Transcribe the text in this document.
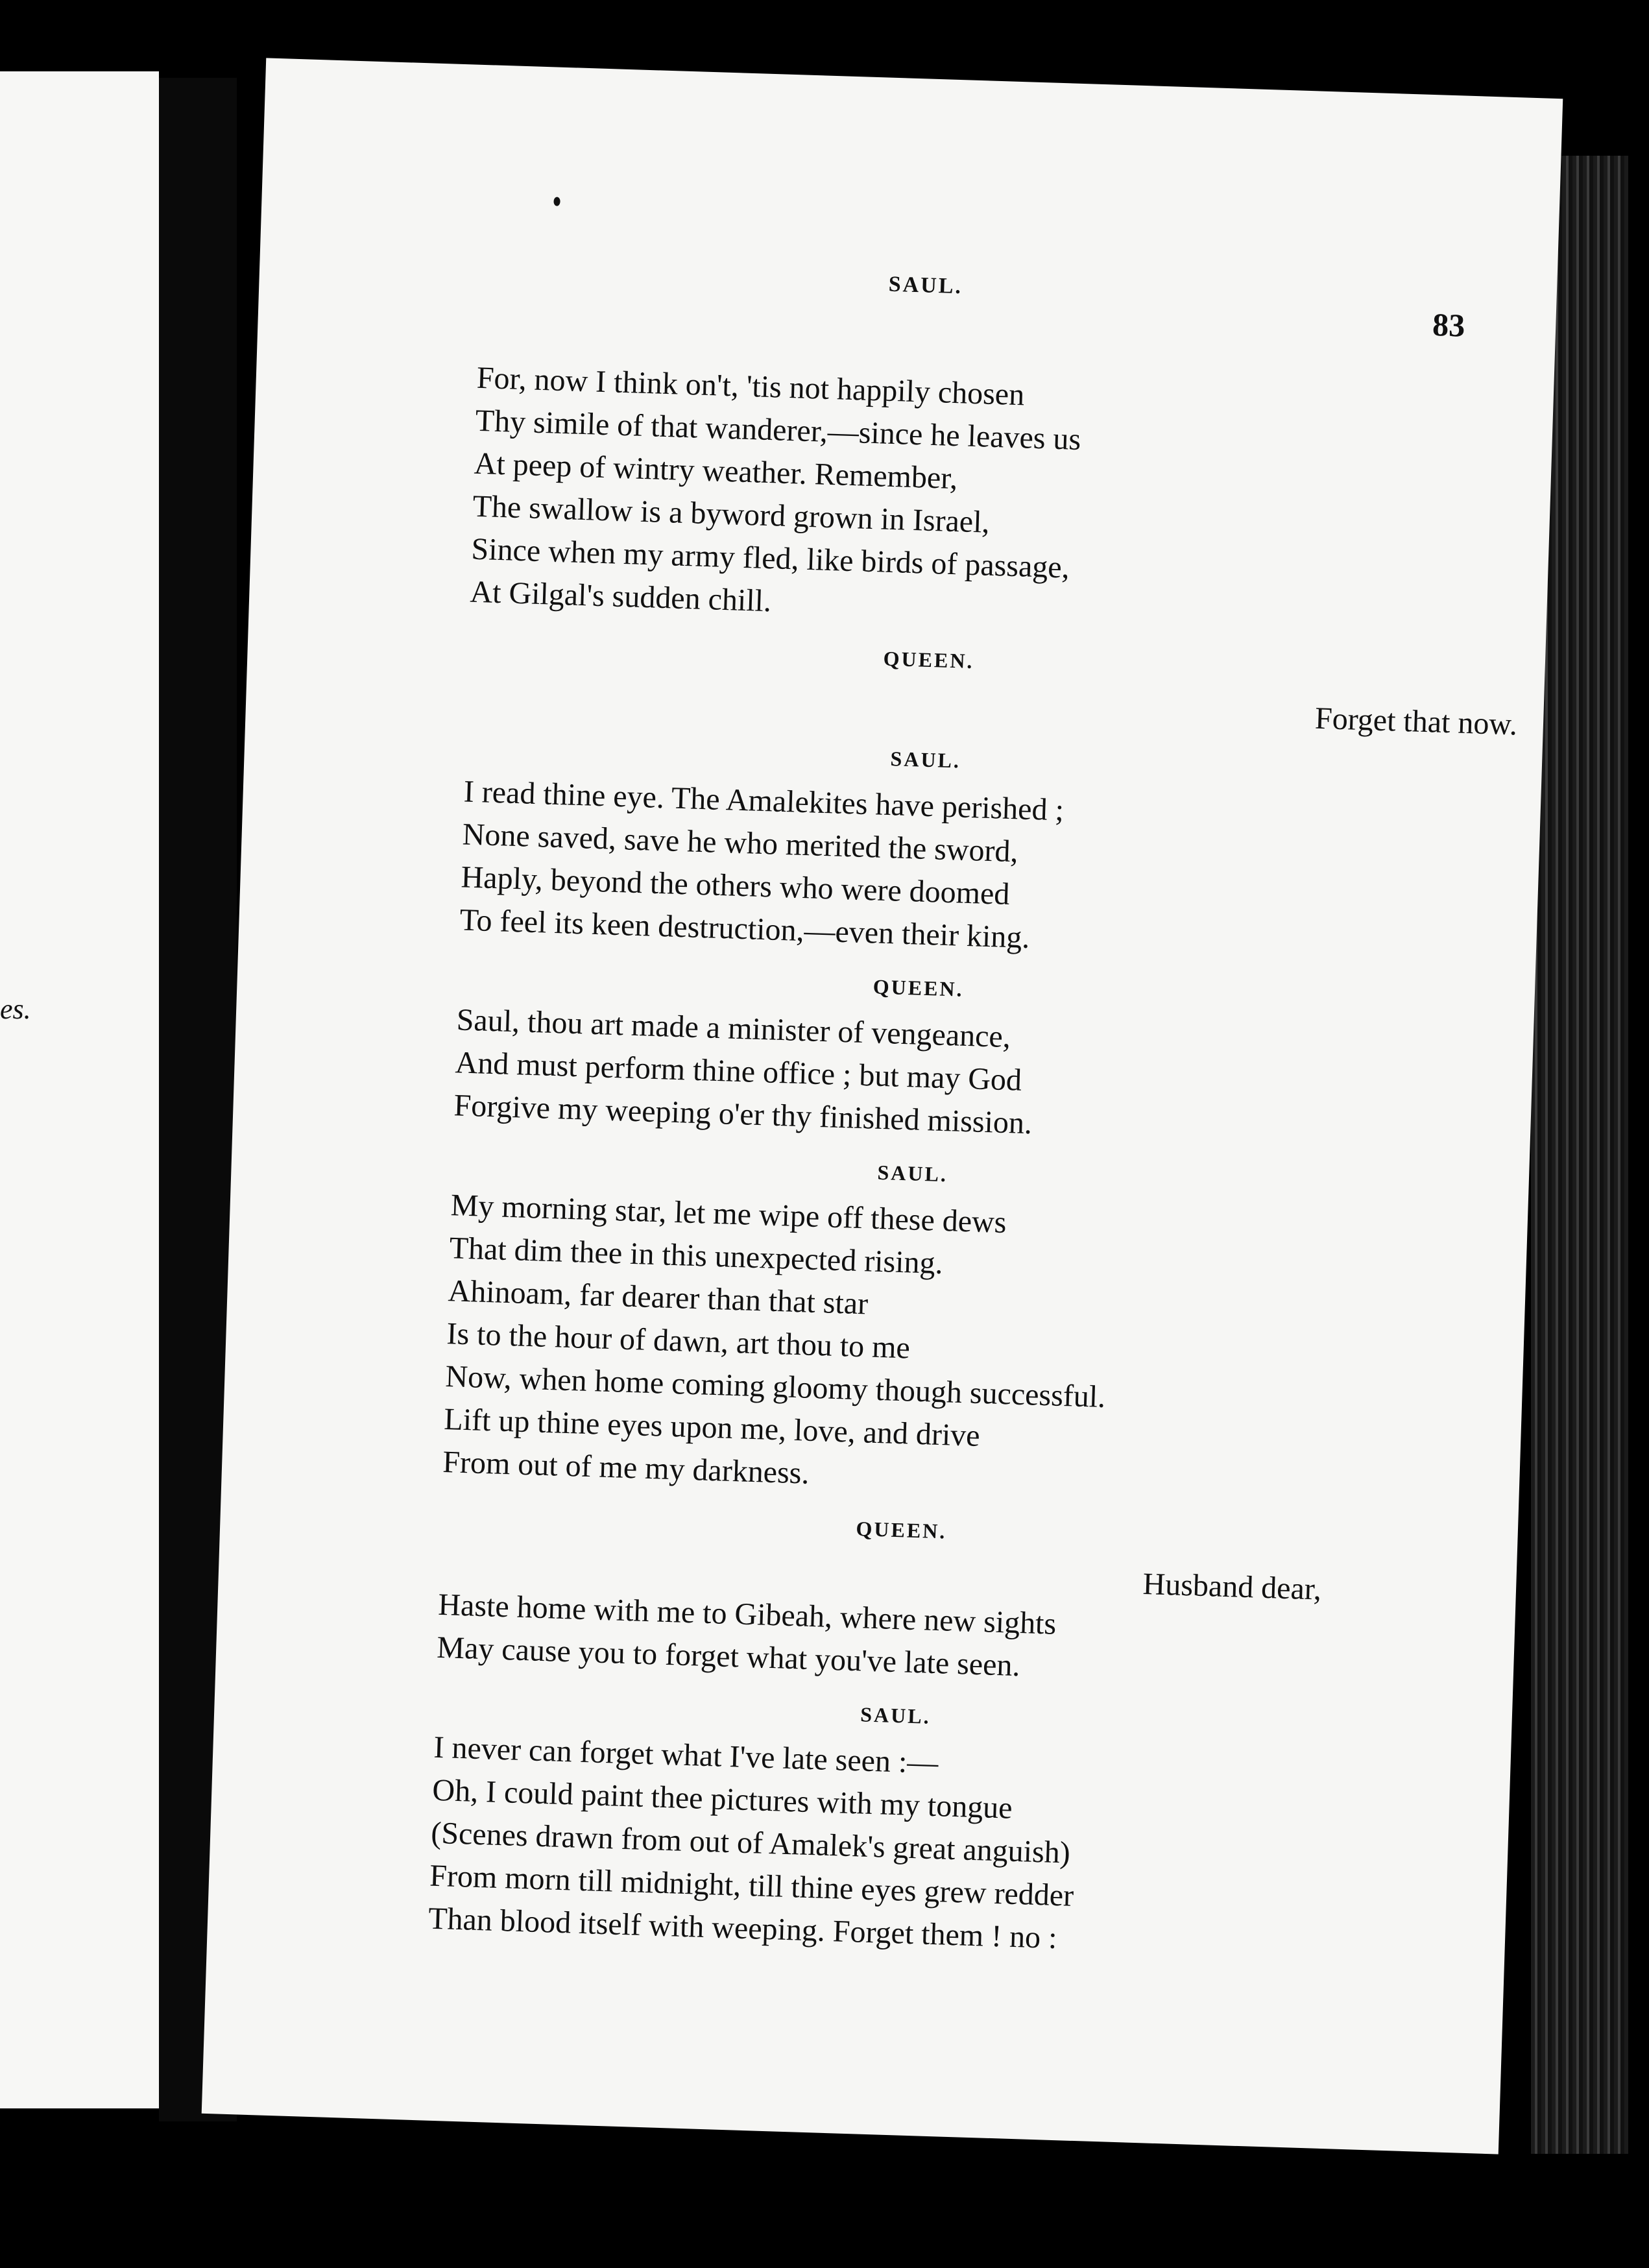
es.
SAUL.
83
For, now I think on't, 'tis not happily chosen
Thy simile of that wanderer,—since he leaves us
At peep of wintry weather. Remember,
The swallow is a byword grown in Israel,
Since when my army fled, like birds of passage,
At Gilgal's sudden chill.
QUEEN.
Forget that now.
SAUL.
I read thine eye. The Amalekites have perished ;
None saved, save he who merited the sword,
Haply, beyond the others who were doomed
To feel its keen destruction,—even their king.
QUEEN.
Saul, thou art made a minister of vengeance,
And must perform thine office ; but may God
Forgive my weeping o'er thy finished mission.
SAUL.
My morning star, let me wipe off these dews
That dim thee in this unexpected rising.
Ahinoam, far dearer than that star
Is to the hour of dawn, art thou to me
Now, when home coming gloomy though successful.
Lift up thine eyes upon me, love, and drive
From out of me my darkness.
QUEEN.
Husband dear,
Haste home with me to Gibeah, where new sights
May cause you to forget what you've late seen.
SAUL.
I never can forget what I've late seen :—
Oh, I could paint thee pictures with my tongue
(Scenes drawn from out of Amalek's great anguish)
From morn till midnight, till thine eyes grew redder
Than blood itself with weeping. Forget them ! no :
